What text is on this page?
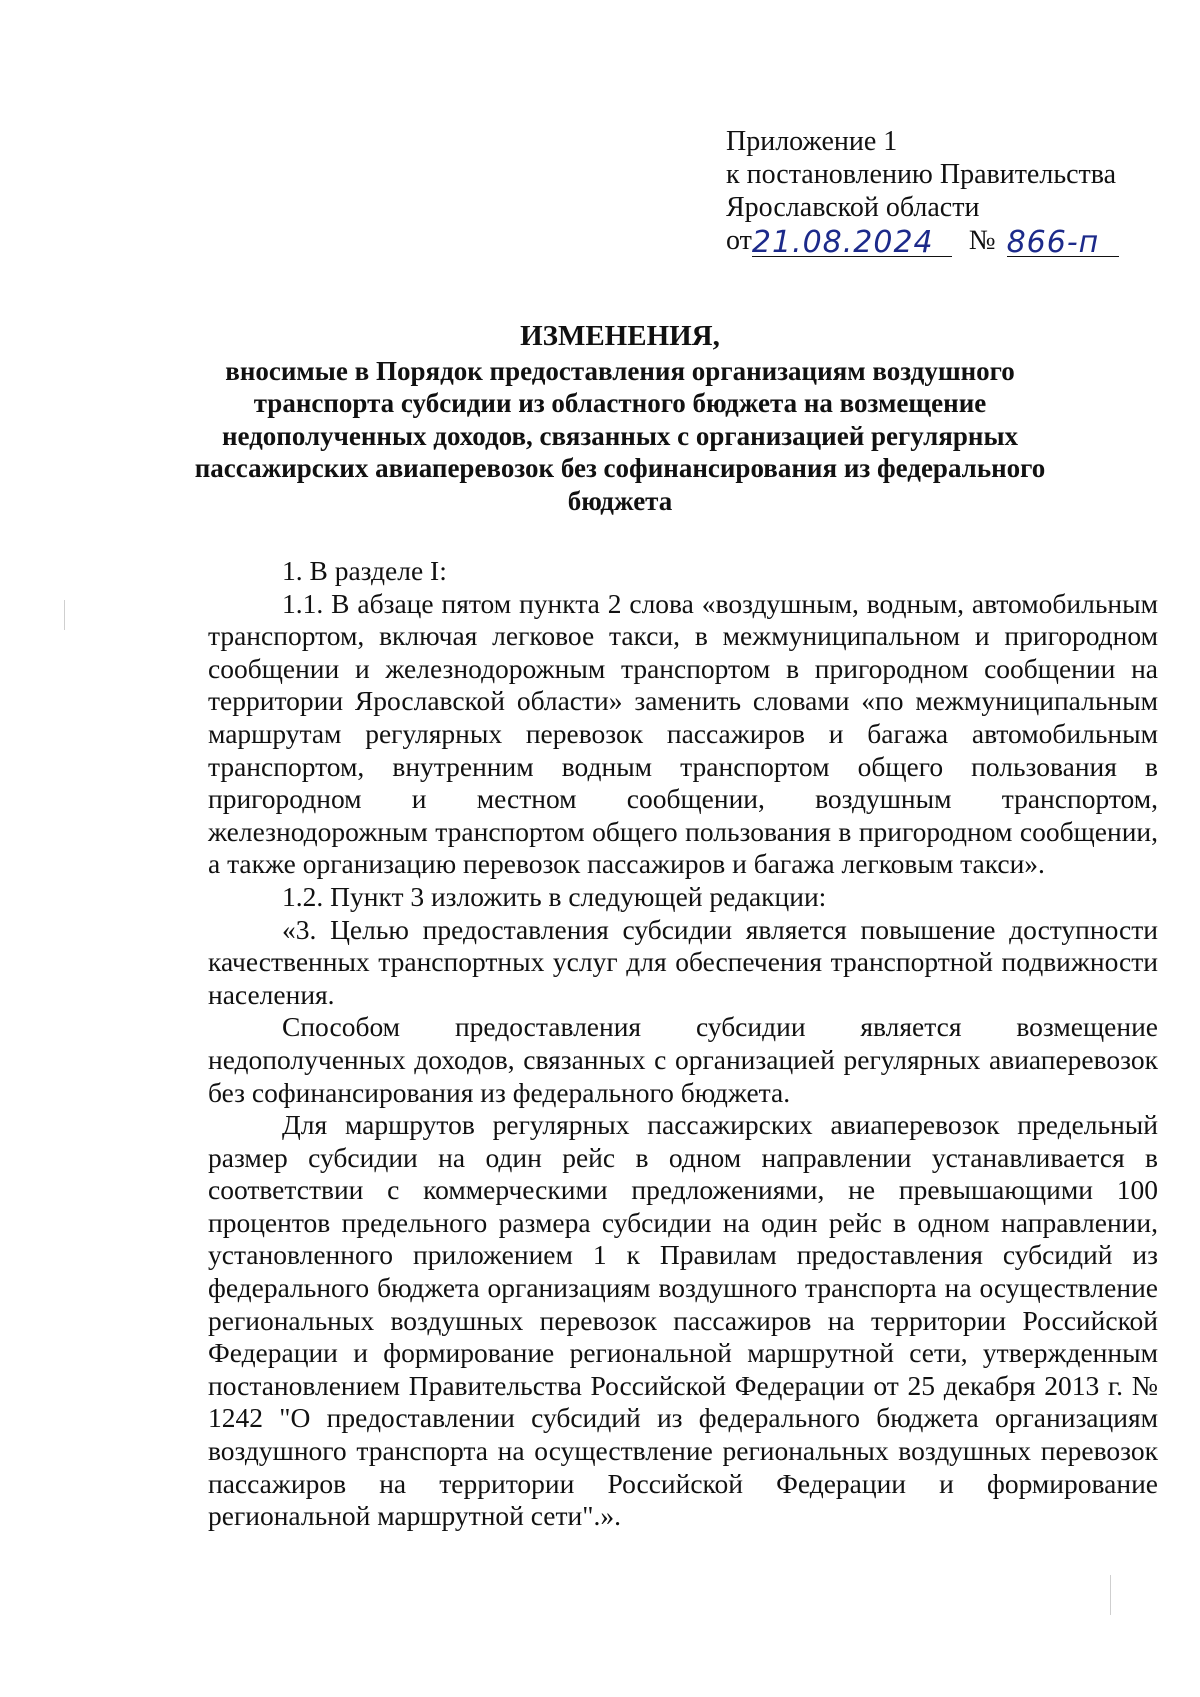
Приложение 1
к постановлению Правительства
Ярославской области
от21.08.2024 № 866-п
ИЗМЕНЕНИЯ,
вносимые в Порядок предоставления организациям воздушного транспорта субсидии из областного бюджета на возмещение недополученных доходов, связанных с организацией регулярных пассажирских авиаперевозок без софинансирования из федерального бюджета

1. В разделе I:

1.1. В абзаце пятом пункта 2 слова «воздушным, водным, автомобильным транспортом, включая легковое такси, в межмуниципальном и пригородном сообщении и железнодорожным транспортом в пригородном сообщении на территории Ярославской области» заменить словами «по межмуниципальным маршрутам регулярных перевозок пассажиров и багажа автомобильным транспортом, внутренним водным транспортом общего пользования в пригородном и местном сообщении, воздушным транспортом, железнодорожным транспортом общего пользования в пригородном сообщении, а также организацию перевозок пассажиров и багажа легковым такси».

1.2. Пункт 3 изложить в следующей редакции:

«3. Целью предоставления субсидии является повышение доступности качественных транспортных услуг для обеспечения транспортной подвижности населения.

Способом предоставления субсидии является возмещение недополученных доходов, связанных с организацией регулярных авиаперевозок без софинансирования из федерального бюджета.

Для маршрутов регулярных пассажирских авиаперевозок предельный размер субсидии на один рейс в одном направлении устанавливается в соответствии с коммерческими предложениями, не превышающими 100 процентов предельного размера субсидии на один рейс в одном направлении, установленного приложением 1 к Правилам предоставления субсидий из федерального бюджета организациям воздушного транспорта на осуществление региональных воздушных перевозок пассажиров на территории Российской Федерации и формирование региональной маршрутной сети, утвержденным постановлением Правительства Российской Федерации от 25 декабря 2013 г. № 1242 "О предоставлении субсидий из федерального бюджета организациям воздушного транспорта на осуществление региональных воздушных перевозок пассажиров на территории Российской Федерации и формирование региональной маршрутной сети".».
